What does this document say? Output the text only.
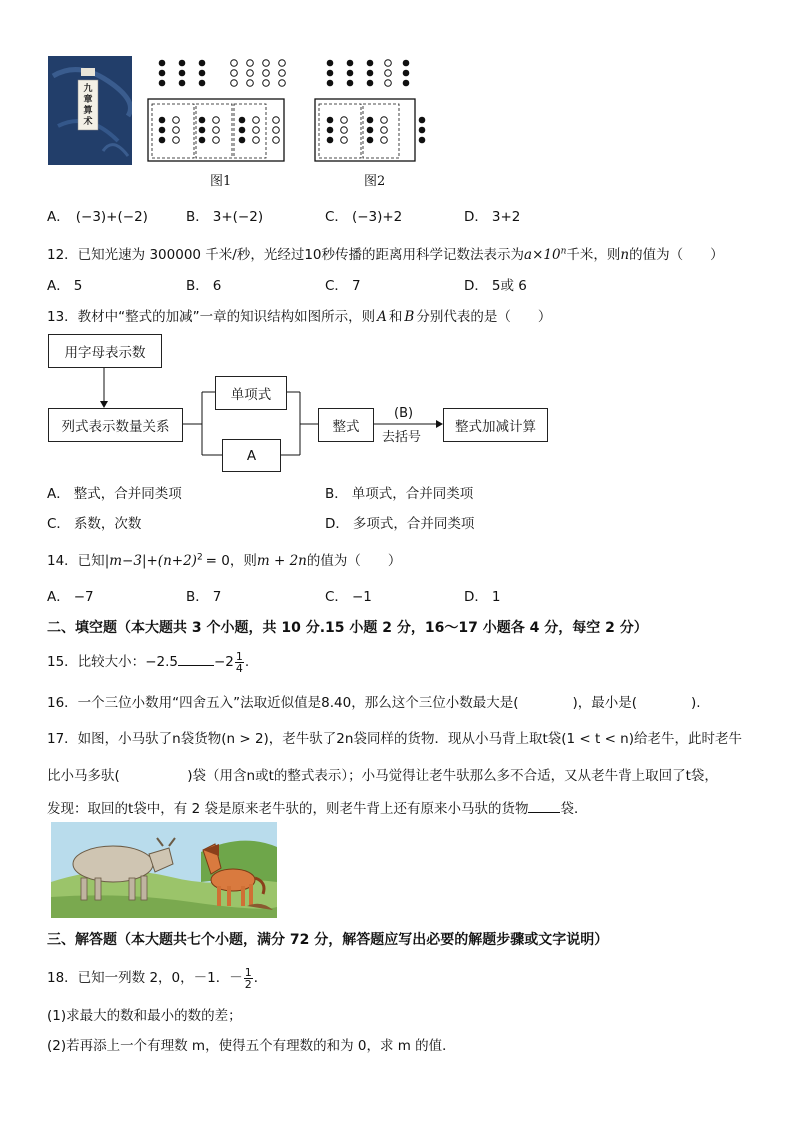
九章算术
图1	图2
A． (−3)+(−2)	B． 3+(−2)	C． (−3)+2	D． 3+2
12．已知光速为 300000 千米/秒，光经过10秒传播的距离用科学记数法表示为$a\times 10^n$千米，则n的值为（　　）
A． 5	B． 6	C． 7	D． 5或 6
13．教材中“整式的加减”一章的知识结构如图所示，则 A 和 B 分别代表的是（　　）
用字母表示数
列式表示数量关系
单项式
A
整式
(B)
去括号
整式加减计算
A． 整式，合并同类项	B． 单项式，合并同类项
C． 系数，次数	D． 多项式，合并同类项
14．已知$|m-3|+(n+2)^2 = 0$，则m + 2n的值为（　　）
A． −7	B． 7	C． −1	D． 1
二、填空题（本大题共 3 个小题，共 10 分.15 小题 2 分，16～17 小题各 4 分，每空 2 分）
15．比较大小：−2.5	$-2 \frac{1}{4}$ .
16．一个三位小数用“四舍五入”法取近似值是8.40，那么这个三位小数最大是(　　　　)，最小是(　　　　).
17．如图，小马驮了n袋货物(n > 2)，老牛驮了2n袋同样的货物．现从小马背上取t袋(1 < t < n)给老牛，此时老牛
比小马多驮(　　　　　)袋（用含n或t的整式表示）；小马觉得让老牛驮那么多不合适，又从老牛背上取回了t袋，
发现：取回的t袋中，有 2 袋是原来老牛驮的，则老牛背上还有原来小马驮的货物 袋．
三、解答题（本大题共七个小题，满分 72 分，解答题应写出必要的解题步骤或文字说明）
18．已知一列数 2，0，－1．－ $\frac{1}{2}$ ．
(1)求最大的数和最小的数的差；
(2)若再添上一个有理数 m，使得五个有理数的和为 0，求 m 的值．
